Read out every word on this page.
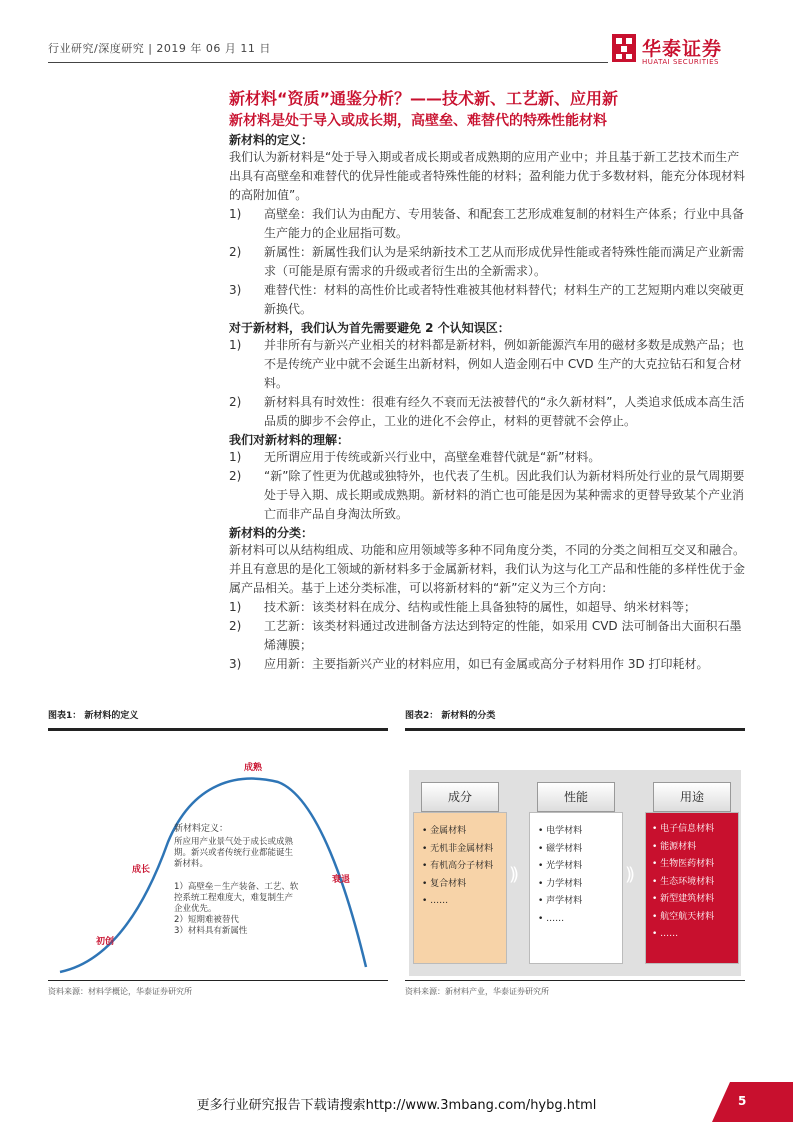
行业研究/深度研究 | 2019 年 06 月 11 日	华泰证券
HUATAI SECURITIES
新材料“资质”通鉴分析？——技术新、工艺新、应用新
新材料是处于导入或成长期，高壁垒、难替代的特殊性能材料
新材料的定义：
我们认为新材料是“处于导入期或者成长期或者成熟期的应用产业中；并且基于新工艺技术而生产出具有高壁垒和难替代的优异性能或者特殊性能的材料；盈利能力优于多数材料，能充分体现材料的高附加值”。
1) 高壁垒：我们认为由配方、专用装备、和配套工艺形成难复制的材料生产体系；行业中具备生产能力的企业屈指可数。
2) 新属性：新属性我们认为是采纳新技术工艺从而形成优异性能或者特殊性能而满足产业新需求（可能是原有需求的升级或者衍生出的全新需求）。
3) 难替代性：材料的高性价比或者特性难被其他材料替代；材料生产的工艺短期内难以突破更新换代。
对于新材料，我们认为首先需要避免 2 个认知误区：
1) 并非所有与新兴产业相关的材料都是新材料，例如新能源汽车用的磁材多数是成熟产品；也不是传统产业中就不会诞生出新材料，例如人造金刚石中 CVD 生产的大克拉钻石和复合材料。
2) 新材料具有时效性：很难有经久不衰而无法被替代的“永久新材料”，人类追求低成本高生活品质的脚步不会停止，工业的进化不会停止，材料的更替就不会停止。
我们对新材料的理解：
1) 无所谓应用于传统或新兴行业中，高壁垒难替代就是“新”材料。
2) “新”除了性更为优越或独特外，也代表了生机。因此我们认为新材料所处行业的景气周期要处于导入期、成长期或成熟期。新材料的消亡也可能是因为某种需求的更替导致某个产业消亡而非产品自身淘汰所致。
新材料的分类：
新材料可以从结构组成、功能和应用领域等多种不同角度分类，不同的分类之间相互交叉和融合。并且有意思的是化工领域的新材料多于金属新材料，我们认为这与化工产品和性能的多样性优于金属产品相关。基于上述分类标准，可以将新材料的“新”定义为三个方向：
1) 技术新：该类材料在成分、结构或性能上具备独特的属性，如超导、纳米材料等；
2) 工艺新：该类材料通过改进制备方法达到特定的性能，如采用 CVD 法可制备出大面积石墨烯薄膜；
3) 应用新：主要指新兴产业的材料应用，如已有金属或高分子材料用作 3D 打印耗材。
图表1： 新材料的定义
初创
成长
成熟
衰退
新材料定义：
所应用产业景气处于成长或成熟
期。新兴或者传统行业都能诞生
新材料。
1）高壁垒－生产装备、工艺、软
控系统工程难度大，难复制生产
企业优先。
2）短期难被替代
3）材料具有新属性
资料来源：材料学概论，华泰证券研究所
图表2： 新材料的分类
成分
• 金属材料
• 无机非金属材料
• 有机高分子材料
• 复合材料
• ……
))
性能
• 电学材料
• 磁学材料
• 光学材料
• 力学材料
• 声学材料
• ……
))
用途
• 电子信息材料
• 能源材料
• 生物医药材料
• 生态环境材料
• 新型建筑材料
• 航空航天材料
• ……
资料来源：新材料产业，华泰证券研究所
更多行业研究报告下载请搜索http://www.3mbang.com/hybg.html	5
